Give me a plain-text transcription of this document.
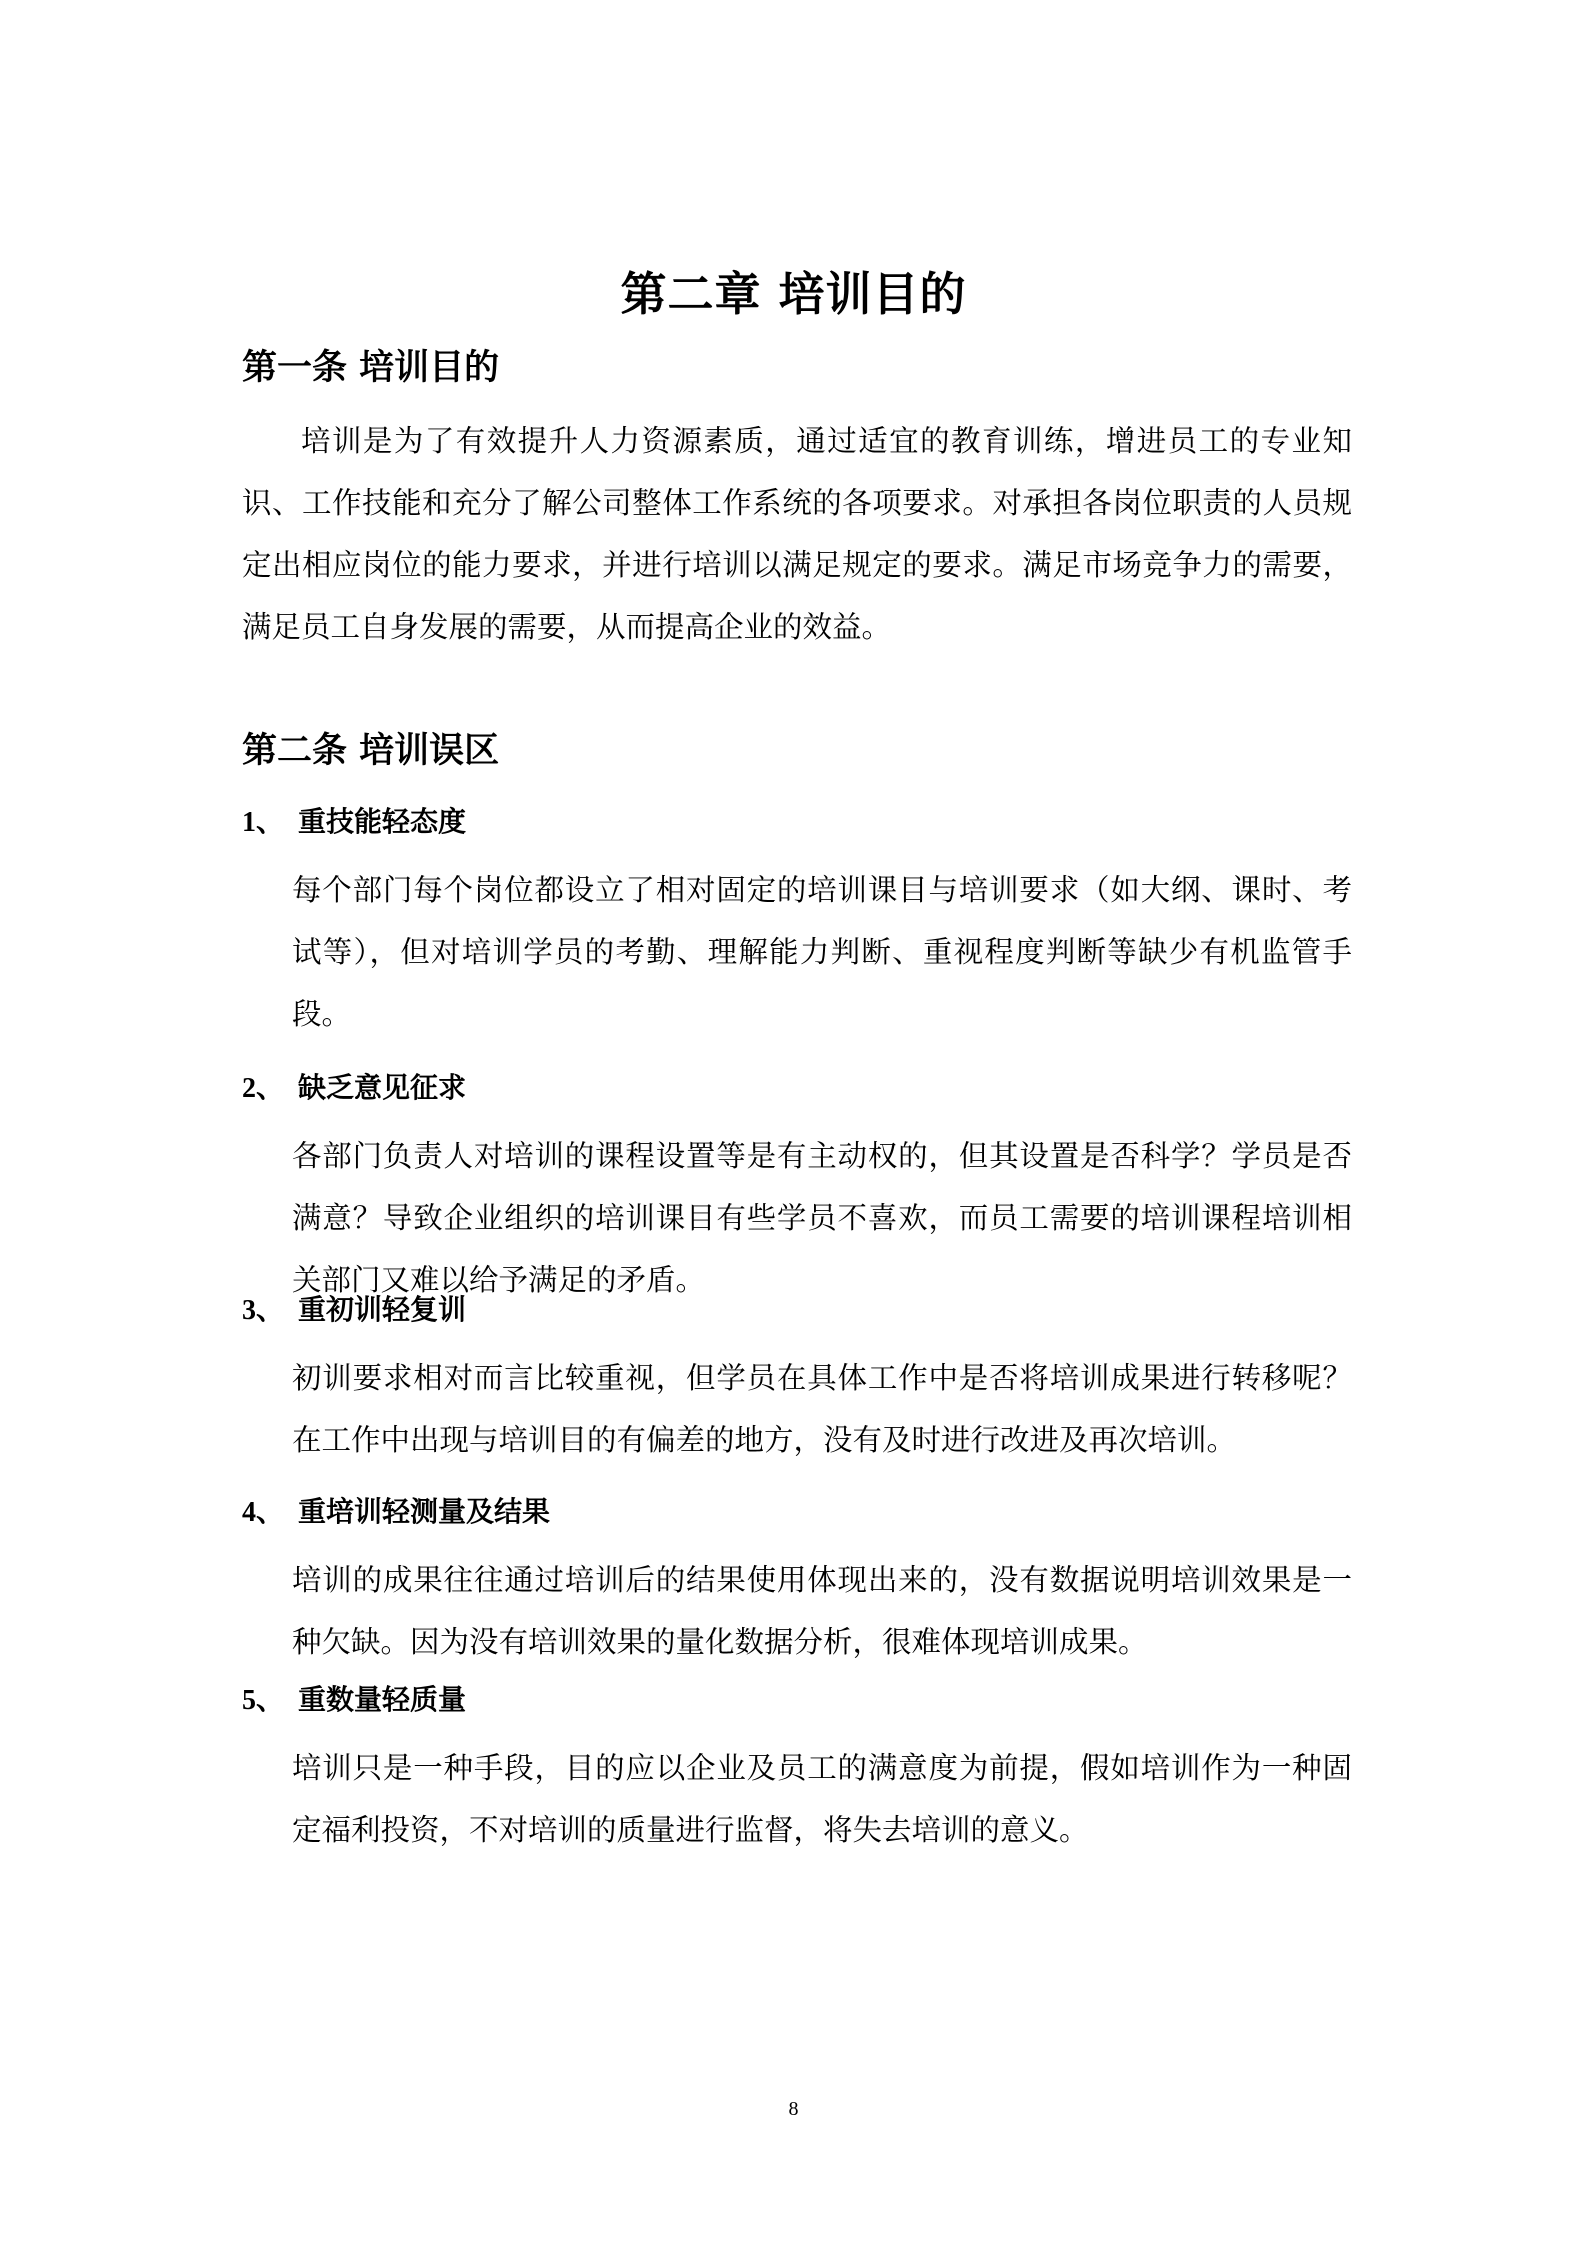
第二章 培训目的
第一条 培训目的
培训是为了有效提升人力资源素质，通过适宜的教育训练，增进员工的专业知识、工作技能和充分了解公司整体工作系统的各项要求。对承担各岗位职责的人员规定出相应岗位的能力要求，并进行培训以满足规定的要求。满足市场竞争力的需要，满足员工自身发展的需要，从而提高企业的效益。
第二条 培训误区
1、 重技能轻态度
每个部门每个岗位都设立了相对固定的培训课目与培训要求（如大纲、课时、考试等），但对培训学员的考勤、理解能力判断、重视程度判断等缺少有机监管手段。
2、 缺乏意见征求
各部门负责人对培训的课程设置等是有主动权的，但其设置是否科学？学员是否满意？导致企业组织的培训课目有些学员不喜欢，而员工需要的培训课程培训相关部门又难以给予满足的矛盾。
3、 重初训轻复训
初训要求相对而言比较重视，但学员在具体工作中是否将培训成果进行转移呢？在工作中出现与培训目的有偏差的地方，没有及时进行改进及再次培训。
4、 重培训轻测量及结果
培训的成果往往通过培训后的结果使用体现出来的，没有数据说明培训效果是一种欠缺。因为没有培训效果的量化数据分析，很难体现培训成果。
5、 重数量轻质量
培训只是一种手段，目的应以企业及员工的满意度为前提，假如培训作为一种固定福利投资，不对培训的质量进行监督，将失去培训的意义。
8
